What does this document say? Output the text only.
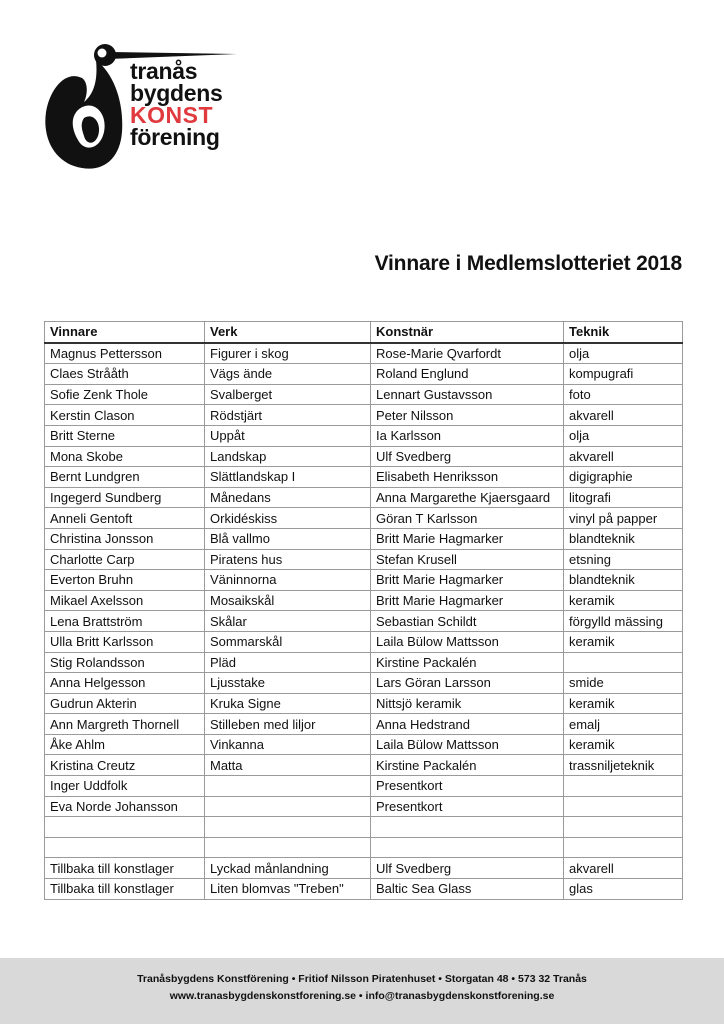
tranås
bygdens
KONST
förening
Vinnare i Medlemslotteriet 2018
Vinnare	Verk	Konstnär	Teknik
Magnus Pettersson	Figurer i skog	Rose-Marie Qvarfordt	olja
Claes Strååth	Vägs ände	Roland Englund	kompugrafi
Sofie Zenk Thole	Svalberget	Lennart Gustavsson	foto
Kerstin Clason	Rödstjärt	Peter Nilsson	akvarell
Britt Sterne	Uppåt	Ia Karlsson	olja
Mona Skobe	Landskap	Ulf Svedberg	akvarell
Bernt Lundgren	Slättlandskap I	Elisabeth Henriksson	digigraphie
Ingegerd Sundberg	Månedans	Anna Margarethe Kjaersgaard	litografi
Anneli Gentoft	Orkidéskiss	Göran T Karlsson	vinyl på papper
Christina Jonsson	Blå vallmo	Britt Marie Hagmarker	blandteknik
Charlotte Carp	Piratens hus	Stefan Krusell	etsning
Everton Bruhn	Väninnorna	Britt Marie Hagmarker	blandteknik
Mikael Axelsson	Mosaikskål	Britt Marie Hagmarker	keramik
Lena Brattström	Skålar	Sebastian Schildt	förgylld mässing
Ulla Britt Karlsson	Sommarskål	Laila Bülow Mattsson	keramik
Stig Rolandsson	Pläd	Kirstine Packalén	
Anna Helgesson	Ljusstake	Lars Göran Larsson	smide
Gudrun Akterin	Kruka Signe	Nittsjö keramik	keramik
Ann Margreth Thornell	Stilleben med liljor	Anna Hedstrand	emalj
Åke Ahlm	Vinkanna	Laila Bülow Mattsson	keramik
Kristina Creutz	Matta	Kirstine Packalén	trassniljeteknik
Inger Uddfolk		Presentkort	
Eva Norde Johansson		Presentkort	

Tillbaka till konstlager	Lyckad månlandning	Ulf Svedberg	akvarell
Tillbaka till konstlager	Liten blomvas "Treben"	Baltic Sea Glass	glas
Tranåsbygdens Konstförening • Fritiof Nilsson Piratenhuset • Storgatan 48 • 573 32 Tranås
www.tranasbygdenskonstforening.se • info@tranasbygdenskonstforening.se
